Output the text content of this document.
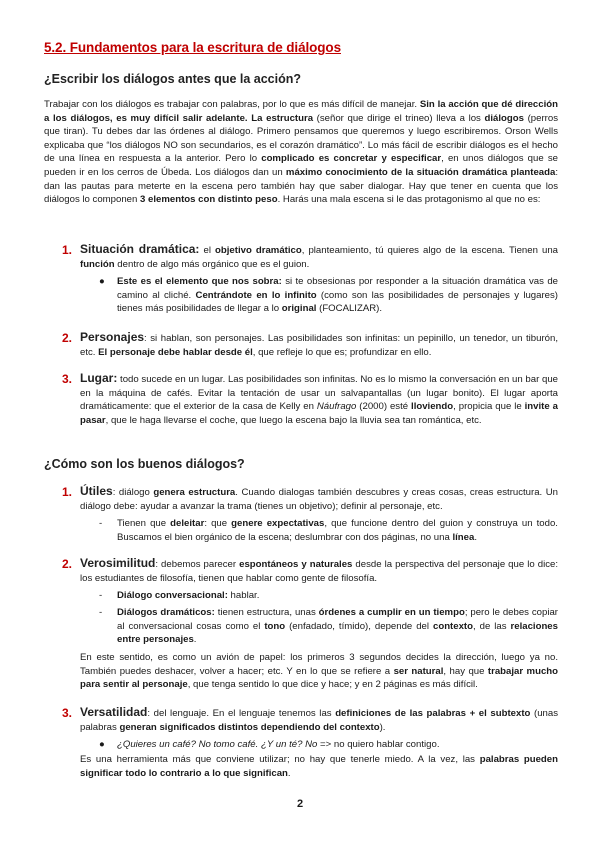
5.2. Fundamentos para la escritura de diálogos
¿Escribir los diálogos antes que la acción?

Trabajar con los diálogos es trabajar con palabras, por lo que es más difícil de manejar. Sin la acción que dé dirección a los diálogos, es muy difícil salir adelante. La estructura (señor que dirige el trineo) lleva a los diálogos (perros que tiran). Tu debes dar las órdenes al diálogo. Primero pensamos que queremos y luego escribiremos. Orson Wells explicaba que “los diálogos NO son secundarios, es el corazón dramático”. Lo más fácil de escribir diálogos es el hecho de una línea en respuesta a la anterior. Pero lo complicado es concretar y especificar, en unos diálogos que se pueden ir en los cerros de Úbeda. Los diálogos dan un máximo conocimiento de la situación dramática planteada: dan las pautas para meterte en la escena pero también hay que saber dialogar. Hay que tener en cuenta que los diálogos lo componen 3 elementos con distinto peso. Harás una mala escena si le das protagonismo al que no es:

1. Situación dramática: el objetivo dramático, planteamiento, tú quieres algo de la escena. Tienen una función dentro de algo más orgánico que es el guion.

● Este es el elemento que nos sobra: si te obsesionas por responder a la situación dramática vas de camino al cliché. Centrándote en lo infinito (como son las posibilidades de personajes y lugares) tienes más posibilidades de llegar a lo original (FOCALIZAR).

2. Personajes: si hablan, son personajes. Las posibilidades son infinitas: un pepinillo, un tenedor, un tiburón, etc. El personaje debe hablar desde él, que refleje lo que es; profundizar en ello.

3. Lugar: todo sucede en un lugar. Las posibilidades son infinitas. No es lo mismo la conversación en un bar que en la máquina de cafés. Evitar la tentación de usar un salvapantallas (un lugar bonito). El lugar aporta dramáticamente: que el exterior de la casa de Kelly en Náufrago (2000) esté lloviendo, propicia que le invite a pasar, que le haga llevarse el coche, que luego la escena bajo la lluvia sea tan romántica, etc.

¿Cómo son los buenos diálogos?
1. Útiles: diálogo genera estructura. Cuando dialogas también descubres y creas cosas, creas estructura. Un diálogo debe: ayudar a avanzar la trama (tienes un objetivo); definir al personaje, etc.

- Tienen que deleitar: que genere expectativas, que funcione dentro del guion y construya un todo. Buscamos el bien orgánico de la escena; deslumbrar con dos páginas, no una línea.

2. Verosimilitud: debemos parecer espontáneos y naturales desde la perspectiva del personaje que lo dice: los estudiantes de filosofía, tienen que hablar como gente de filosofía.

- Diálogo conversacional: hablar.

- Diálogos dramáticos: tienen estructura, unas órdenes a cumplir en un tiempo; pero le debes copiar al conversacional cosas como el tono (enfadado, tímido), depende del contexto, de las relaciones entre personajes.

En este sentido, es como un avión de papel: los primeros 3 segundos decides la dirección, luego ya no. También puedes deshacer, volver a hacer; etc. Y en lo que se refiere a ser natural, hay que trabajar mucho para sentir al personaje, que tenga sentido lo que dice y hace; y en 2 páginas es más difícil.

3. Versatilidad: del lenguaje. En el lenguaje tenemos las definiciones de las palabras + el subtexto (unas palabras generan significados distintos dependiendo del contexto).

● ¿Quieres un café? No tomo café. ¿Y un té? No => no quiero hablar contigo.

Es una herramienta más que conviene utilizar; no hay que tenerle miedo. A la vez, las palabras pueden significar todo lo contrario a lo que significan.

2
